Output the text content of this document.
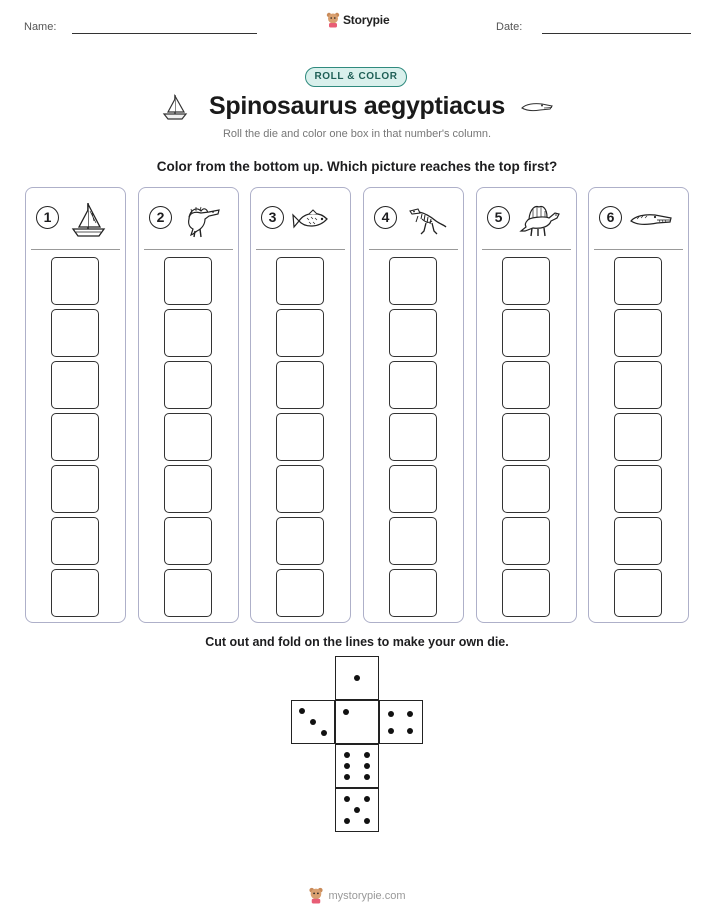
Name:	Storypie	Date:
ROLL & COLOR
Spinosaurus aegyptiacus
Roll the die and color one box in that number's column.
Color from the bottom up. Which picture reaches the top first?
1	2	3	4	5	6
Cut out and fold on the lines to make your own die.
mystorypie.com
